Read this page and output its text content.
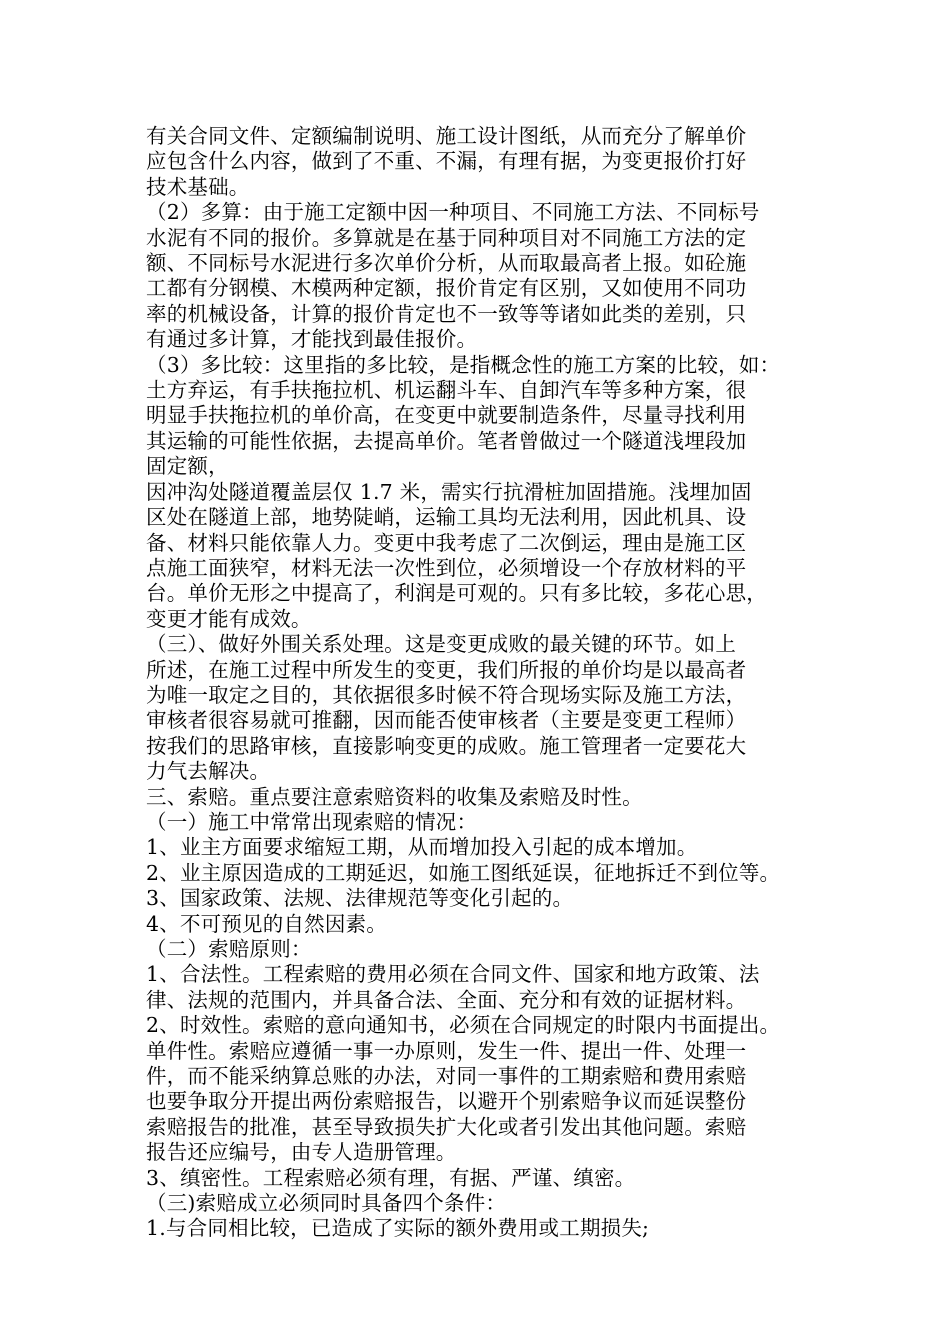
有关合同文件、定额编制说明、施工设计图纸，从而充分了解单价

应包含什么内容，做到了不重、不漏，有理有据，为变更报价打好

技术基础。

（2）多算：由于施工定额中因一种项目、不同施工方法、不同标号

水泥有不同的报价。多算就是在基于同种项目对不同施工方法的定

额、不同标号水泥进行多次单价分析，从而取最高者上报。如砼施

工都有分钢模、木模两种定额，报价肯定有区别，又如使用不同功

率的机械设备，计算的报价肯定也不一致等等诸如此类的差别，只

有通过多计算，才能找到最佳报价。

（3）多比较：这里指的多比较，是指概念性的施工方案的比较，如：

土方弃运，有手扶拖拉机、机运翻斗车、自卸汽车等多种方案，很

明显手扶拖拉机的单价高，在变更中就要制造条件，尽量寻找利用

其运输的可能性依据，去提高单价。笔者曾做过一个隧道浅埋段加

固定额，

因冲沟处隧道覆盖层仅 1.7 米，需实行抗滑桩加固措施。浅埋加固

区处在隧道上部，地势陡峭，运输工具均无法利用，因此机具、设

备、材料只能依靠人力。变更中我考虑了二次倒运，理由是施工区

点施工面狭窄，材料无法一次性到位，必须增设一个存放材料的平

台。单价无形之中提高了，利润是可观的。只有多比较，多花心思，

变更才能有成效。

（三）、做好外围关系处理。这是变更成败的最关键的环节。如上

所述，在施工过程中所发生的变更，我们所报的单价均是以最高者

为唯一取定之目的，其依据很多时候不符合现场实际及施工方法，

审核者很容易就可推翻，因而能否使审核者（主要是变更工程师）

按我们的思路审核，直接影响变更的成败。施工管理者一定要花大

力气去解决。

三、索赔。重点要注意索赔资料的收集及索赔及时性。

（一）施工中常常出现索赔的情况：

1、业主方面要求缩短工期，从而增加投入引起的成本增加。

2、业主原因造成的工期延迟，如施工图纸延误，征地拆迁不到位等。

3、国家政策、法规、法律规范等变化引起的。

4、不可预见的自然因素。

（二）索赔原则：

1、合法性。工程索赔的费用必须在合同文件、国家和地方政策、法

律、法规的范围内，并具备合法、全面、充分和有效的证据材料。

2、时效性。索赔的意向通知书，必须在合同规定的时限内书面提出。

单件性。索赔应遵循一事一办原则，发生一件、提出一件、处理一

件，而不能采纳算总账的办法，对同一事件的工期索赔和费用索赔

也要争取分开提出两份索赔报告，以避开个别索赔争议而延误整份

索赔报告的批准，甚至导致损失扩大化或者引发出其他问题。索赔

报告还应编号，由专人造册管理。

3、缜密性。工程索赔必须有理，有据、严谨、缜密。

（三)索赔成立必须同时具备四个条件：

1.与合同相比较，已造成了实际的额外费用或工期损失;
